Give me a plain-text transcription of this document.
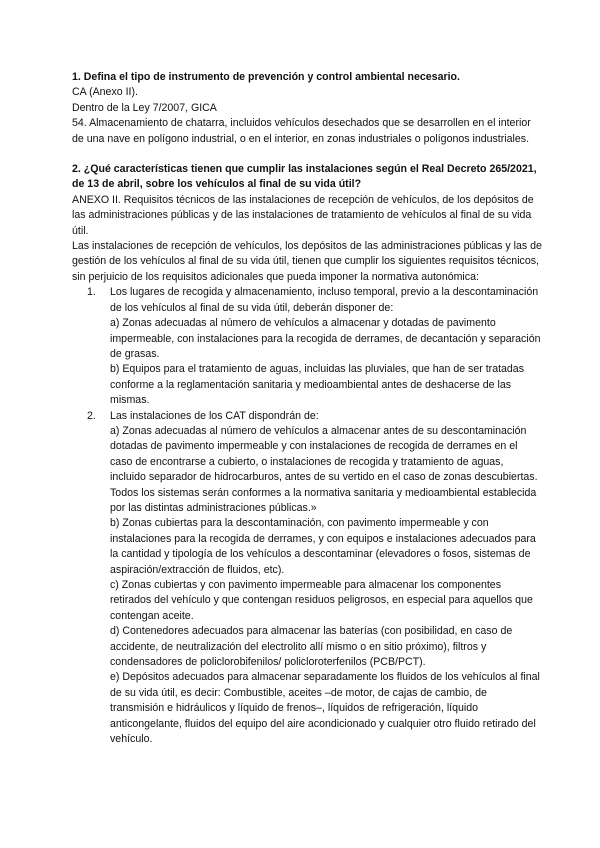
1. Defina el tipo de instrumento de prevención y control ambiental necesario.

CA (Anexo II).

Dentro de la Ley 7/2007, GICA

54. Almacenamiento de chatarra, incluidos vehículos desechados que se desarrollen en el interior de una nave en polígono industrial, o en el interior, en zonas industriales o polígonos industriales.

2. ¿Qué características tienen que cumplir las instalaciones según el Real Decreto 265/2021, de 13 de abril, sobre los vehículos al final de su vida útil?

ANEXO II. Requisitos técnicos de las instalaciones de recepción de vehículos, de los depósitos de las administraciones públicas y de las instalaciones de tratamiento de vehículos al final de su vida útil.

Las instalaciones de recepción de vehículos, los depósitos de las administraciones públicas y las de gestión de los vehículos al final de su vida útil, tienen que cumplir los siguientes requisitos técnicos, sin perjuicio de los requisitos adicionales que pueda imponer la normativa autonómica:

1. Los lugares de recogida y almacenamiento, incluso temporal, previo a la descontaminación de los vehículos al final de su vida útil, deberán disponer de:

a) Zonas adecuadas al número de vehículos a almacenar y dotadas de pavimento impermeable, con instalaciones para la recogida de derrames, de decantación y separación de grasas.

b) Equipos para el tratamiento de aguas, incluidas las pluviales, que han de ser tratadas conforme a la reglamentación sanitaria y medioambiental antes de deshacerse de las mismas.

2. Las instalaciones de los CAT dispondrán de:

a) Zonas adecuadas al número de vehículos a almacenar antes de su descontaminación dotadas de pavimento impermeable y con instalaciones de recogida de derrames en el caso de encontrarse a cubierto, o instalaciones de recogida y tratamiento de aguas, incluido separador de hidrocarburos, antes de su vertido en el caso de zonas descubiertas. Todos los sistemas serán conformes a la normativa sanitaria y medioambiental establecida por las distintas administraciones públicas.»

b) Zonas cubiertas para la descontaminación, con pavimento impermeable y con instalaciones para la recogida de derrames, y con equipos e instalaciones adecuados para la cantidad y tipología de los vehículos a descontaminar (elevadores o fosos, sistemas de aspiración/extracción de fluidos, etc).

c) Zonas cubiertas y con pavimento impermeable para almacenar los componentes retirados del vehículo y que contengan residuos peligrosos, en especial para aquellos que contengan aceite.

d) Contenedores adecuados para almacenar las baterías (con posibilidad, en caso de accidente, de neutralización del electrolito allí mismo o en sitio próximo), filtros y condensadores de policlorobifenilos/ policloroterfenilos (PCB/PCT).

e) Depósitos adecuados para almacenar separadamente los fluidos de los vehículos al final de su vida útil, es decir: Combustible, aceites –de motor, de cajas de cambio, de transmisión e hidráulicos y líquido de frenos–, líquidos de refrigeración, líquido anticongelante, fluidos del equipo del aire acondicionado y cualquier otro fluido retirado del vehículo.
